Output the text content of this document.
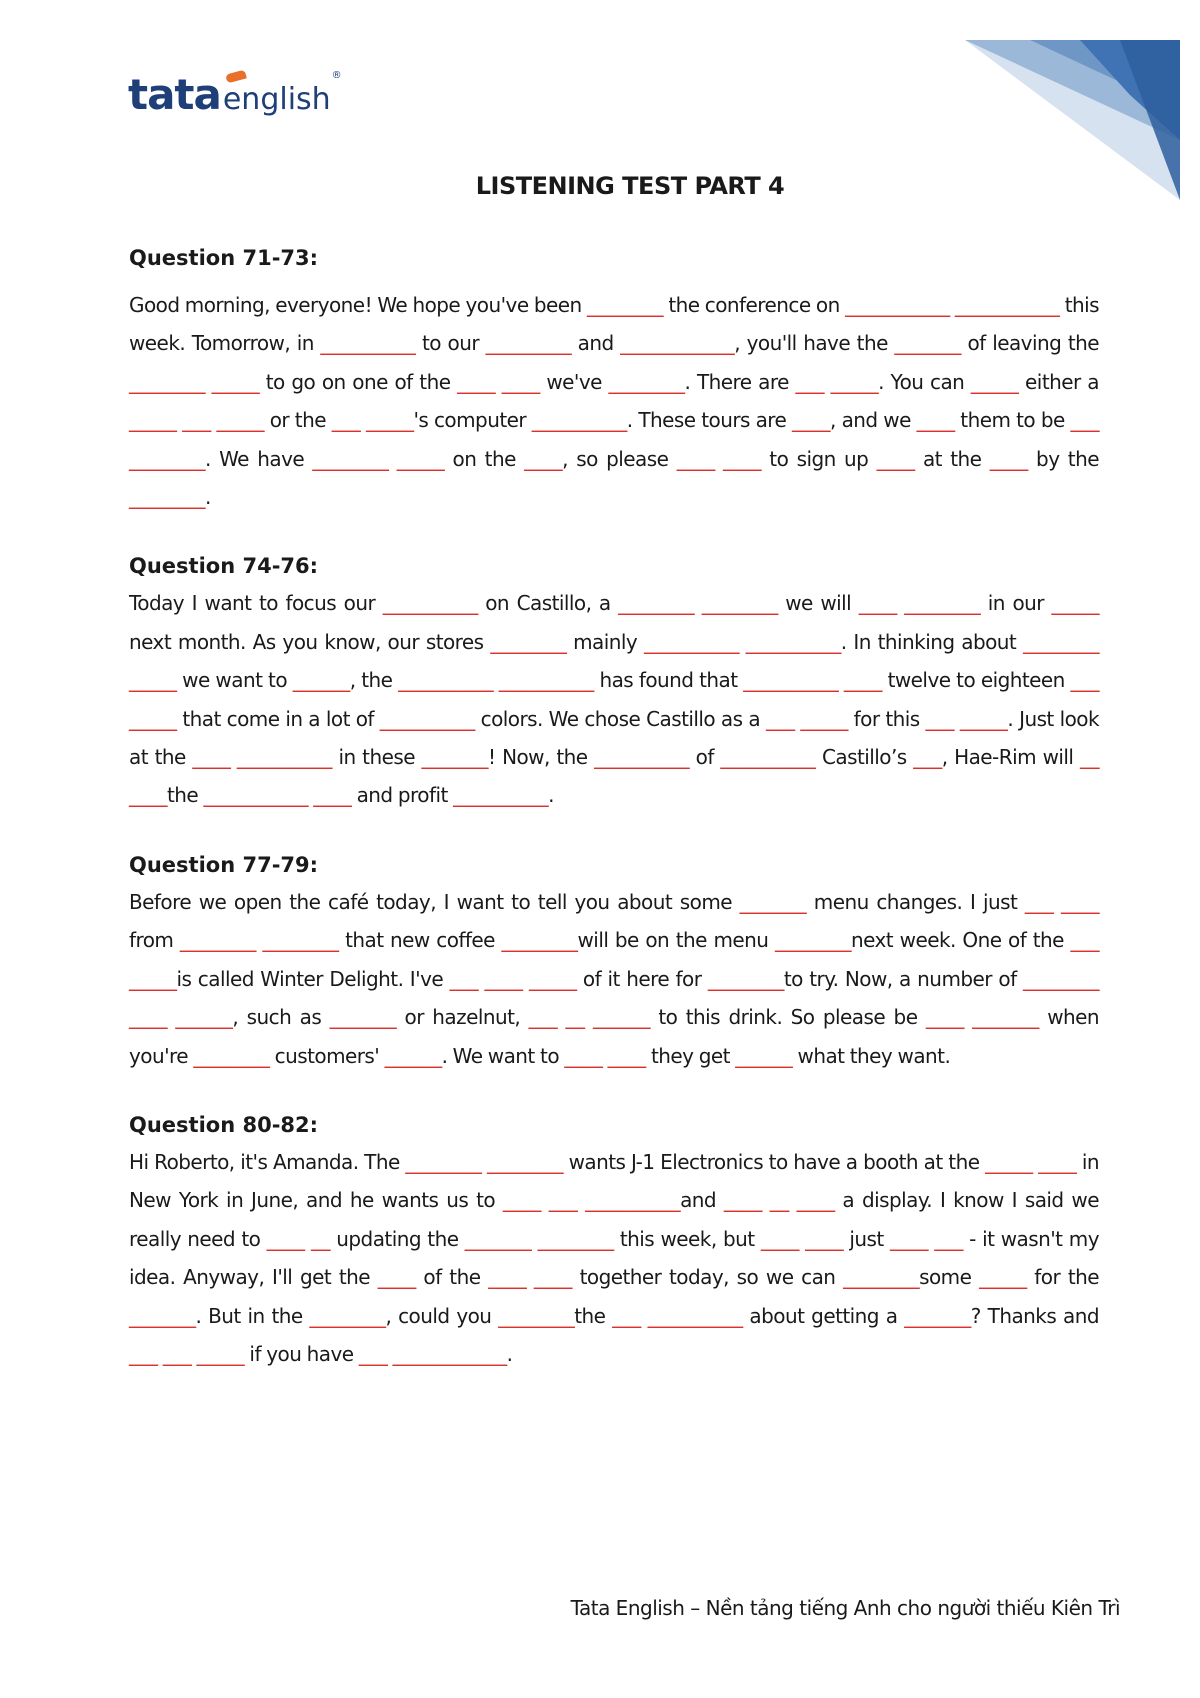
tataenglish®
LISTENING TEST PART 4
Question 71-73:

Good morning, everyone! We hope you've been ________ the conference on ___________ ___________ this week. Tomorrow, in __________ to our _________ and ____________, you'll have the _______ of leaving the ________ _____ to go on one of the ____ ____ we've ________. There are ___ _____. You can _____ either a _____ ___ _____ or the ___ _____'s computer __________. These tours are ____, and we ____ them to be ___ ________. We have ________ _____ on the ____, so please ____ ____ to sign up ____ at the ____ by the ________.

Question 74-76:

Today I want to focus our __________ on Castillo, a ________ ________ we will ____ ________ in our _____ next month. As you know, our stores ________ mainly __________ __________. In thinking about ________ _____ we want to ______, the __________ __________ has found that __________ ____ twelve to eighteen ___ _____ that come in a lot of __________ colors. We chose Castillo as a ___ _____ for this ___ _____. Just look at the ____ __________ in these _______! Now, the __________ of __________ Castillo’s ___, Hae-Rim will __ ____the ___________ ____ and profit __________.

Question 77-79:

Before we open the café today, I want to tell you about some _______ menu changes. I just ___ ____ from ________ ________ that new coffee ________will be on the menu ________next week. One of the ___ _____is called Winter Delight. I've ___ ____ _____ of it here for ________to try. Now, a number of ________ ____ ______, such as _______ or hazelnut, ___ __ ______ to this drink. So please be ____ _______ when you're ________ customers' ______. We want to ____ ____ they get ______ what they want.

Question 80-82:

Hi Roberto, it's Amanda. The ________ ________ wants J-1 Electronics to have a booth at the _____ ____ in New York in June, and he wants us to ____ ___ __________and ____ __ ____ a display. I know I said we really need to ____ __ updating the _______ ________ this week, but ____ ____ just ____ ___ - it wasn't my idea. Anyway, I'll get the ____ of the ____ ____ together today, so we can ________some _____ for the _______. But in the ________, could you ________the ___ __________ about getting a _______? Thanks and ___ ___ _____ if you have ___ ____________.

Tata English – Nền tảng tiếng Anh cho người thiếu Kiên Trì
